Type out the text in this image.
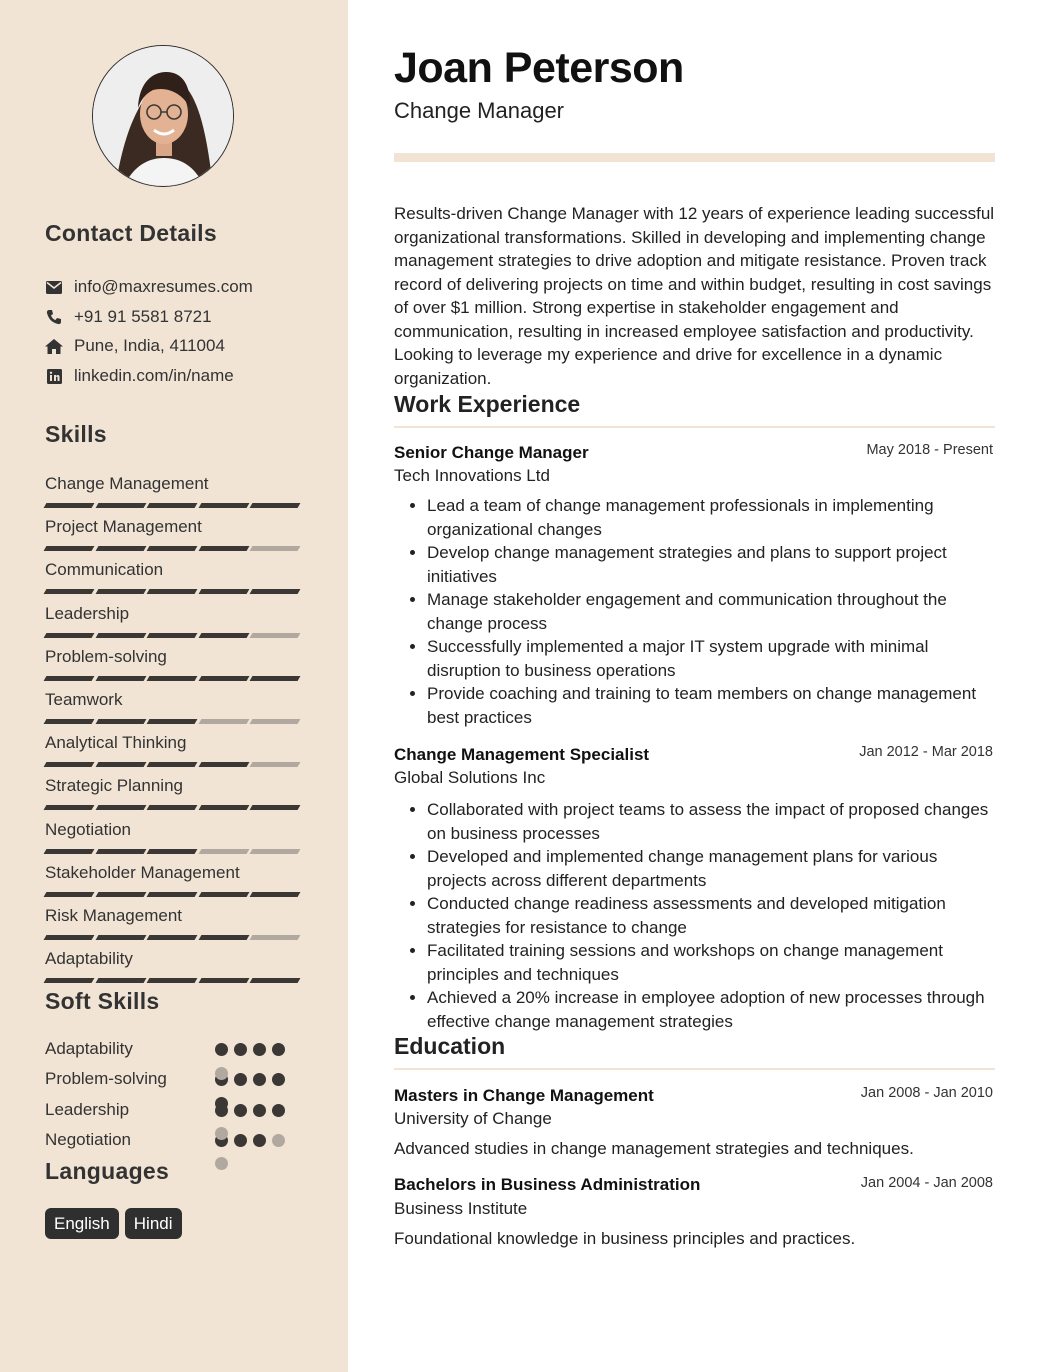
Contact Details
info@maxresumes.com
+91 91 5581 8721
Pune, India, 411004
linkedin.com/in/name
Skills
Change Management
Project Management
Communication
Leadership
Problem-solving
Teamwork
Analytical Thinking
Strategic Planning
Negotiation
Stakeholder Management
Risk Management
Adaptability
Soft Skills
Adaptability
Problem-solving
Leadership
Negotiation
Languages
English	Hindi
Joan Peterson
Change Manager

Results-driven Change Manager with 12 years of experience leading successful organizational transformations. Skilled in developing and implementing change management strategies to drive adoption and mitigate resistance. Proven track record of delivering projects on time and within budget, resulting in cost savings of over $1 million. Strong expertise in stakeholder engagement and communication, resulting in increased employee satisfaction and productivity. Looking to leverage my experience and drive for excellence in a dynamic organization.

Work Experience
Senior Change Manager	May 2018 - Present
Tech Innovations Ltd
• Lead a team of change management professionals in implementing organizational changes
• Develop change management strategies and plans to support project initiatives
• Manage stakeholder engagement and communication throughout the change process
• Successfully implemented a major IT system upgrade with minimal disruption to business operations
• Provide coaching and training to team members on change management best practices
Change Management Specialist	Jan 2012 - Mar 2018
Global Solutions Inc
• Collaborated with project teams to assess the impact of proposed changes on business processes
• Developed and implemented change management plans for various projects across different departments
• Conducted change readiness assessments and developed mitigation strategies for resistance to change
• Facilitated training sessions and workshops on change management principles and techniques
• Achieved a 20% increase in employee adoption of new processes through effective change management strategies
Education
Masters in Change Management	Jan 2008 - Jan 2010
University of Change
Advanced studies in change management strategies and techniques.
Bachelors in Business Administration	Jan 2004 - Jan 2008
Business Institute
Foundational knowledge in business principles and practices.
